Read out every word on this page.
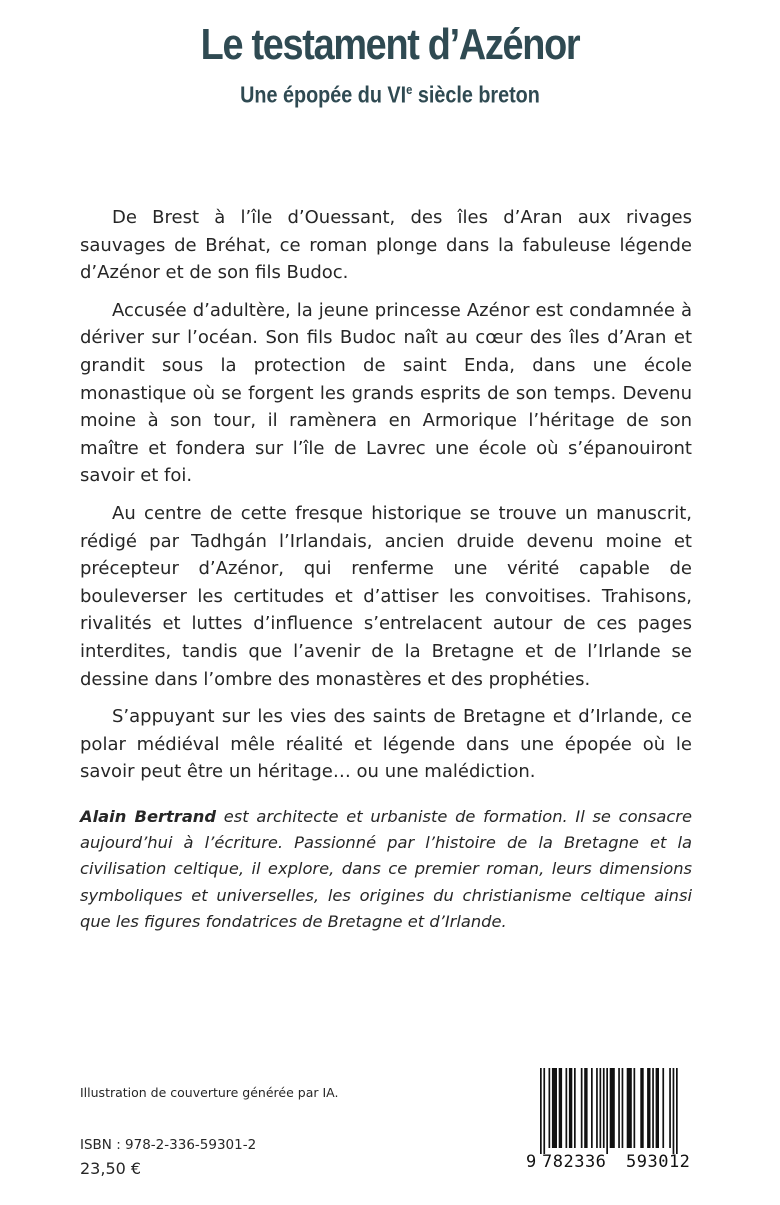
Le testament d’Azénor
Une épopée du VIe siècle breton

De Brest à l’île d’Ouessant, des îles d’Aran aux rivages sauvages de Bréhat, ce roman plonge dans la fabuleuse légende d’Azénor et de son fils Budoc.

Accusée d’adultère, la jeune princesse Azénor est condamnée à dériver sur l’océan. Son fils Budoc naît au cœur des îles d’Aran et grandit sous la protection de saint Enda, dans une école monastique où se forgent les grands esprits de son temps. Devenu moine à son tour, il ramènera en Armorique l’héritage de son maître et fondera sur l’île de Lavrec une école où s’épanouiront savoir et foi.

Au centre de cette fresque historique se trouve un manuscrit, rédigé par Tadhgán l’Irlandais, ancien druide devenu moine et précepteur d’Azénor, qui renferme une vérité capable de bouleverser les certitudes et d’attiser les convoitises. Trahisons, rivalités et luttes d’influence s’entrelacent autour de ces pages interdites, tandis que l’avenir de la Bretagne et de l’Irlande se dessine dans l’ombre des monastères et des prophéties.

S’appuyant sur les vies des saints de Bretagne et d’Irlande, ce polar médiéval mêle réalité et légende dans une épopée où le savoir peut être un héritage… ou une malédiction.

Alain Bertrand est architecte et urbaniste de formation. Il se consacre aujourd’hui à l’écriture. Passionné par l’histoire de la Bretagne et la civilisation celtique, il explore, dans ce premier roman, leurs dimensions symboliques et universelles, les origines du christianisme celtique ainsi que les figures fondatrices de Bretagne et d’Irlande.

Illustration de couverture générée par IA.
ISBN : 978-2-336-59301-2
23,50 €	9 782336 593012
